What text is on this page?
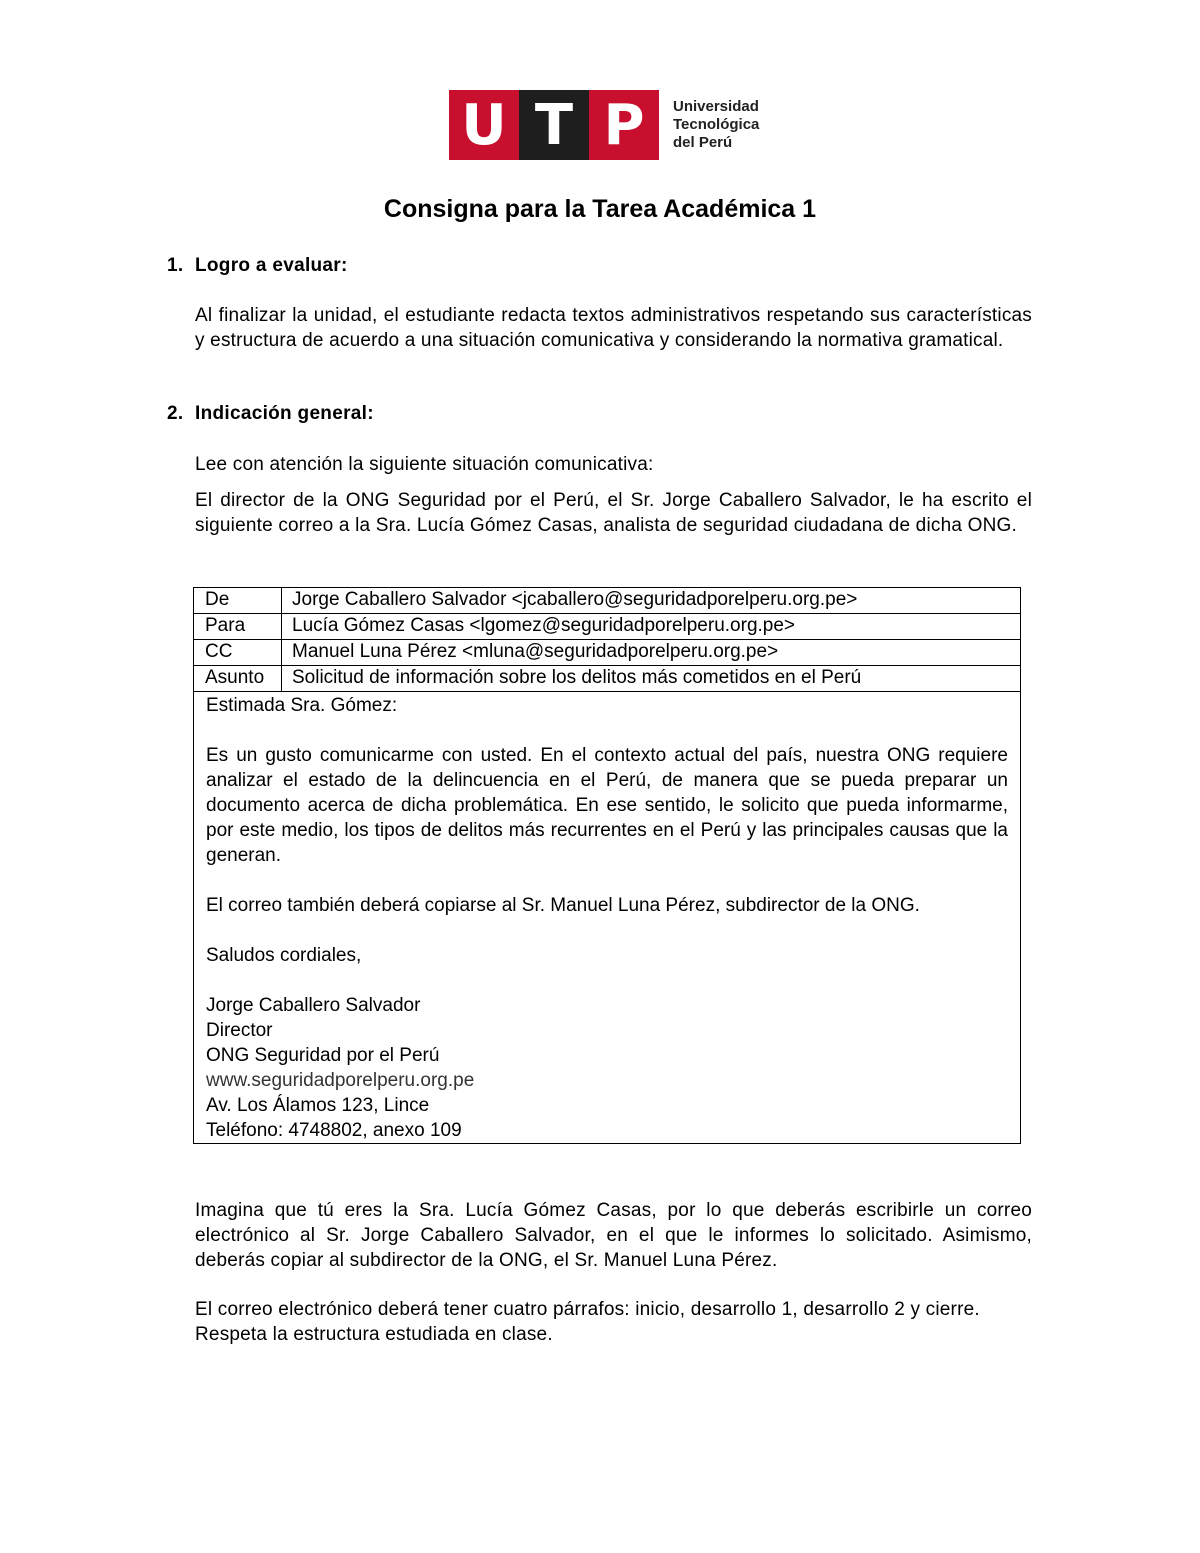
U T P	Universidad
Tecnológica
del Perú
Consigna para la Tarea Académica 1
1. Logro a evaluar:
Al finalizar la unidad, el estudiante redacta textos administrativos respetando sus características y estructura de acuerdo a una situación comunicativa y considerando la normativa gramatical.
2. Indicación general:
Lee con atención la siguiente situación comunicativa:
El director de la ONG Seguridad por el Perú, el Sr. Jorge Caballero Salvador, le ha escrito el siguiente correo a la Sra. Lucía Gómez Casas, analista de seguridad ciudadana de dicha ONG.
De	Jorge Caballero Salvador <jcaballero@seguridadporelperu.org.pe>
Para	Lucía Gómez Casas <lgomez@seguridadporelperu.org.pe>
CC	Manuel Luna Pérez <mluna@seguridadporelperu.org.pe>
Asunto	Solicitud de información sobre los delitos más cometidos en el Perú

Estimada Sra. Gómez:

Es un gusto comunicarme con usted. En el contexto actual del país, nuestra ONG requiere analizar el estado de la delincuencia en el Perú, de manera que se pueda preparar un documento acerca de dicha problemática. En ese sentido, le solicito que pueda informarme, por este medio, los tipos de delitos más recurrentes en el Perú y las principales causas que la generan.

El correo también deberá copiarse al Sr. Manuel Luna Pérez, subdirector de la ONG.

Saludos cordiales,

Jorge Caballero Salvador
Director
ONG Seguridad por el Perú
www.seguridadporelperu.org.pe
Av. Los Álamos 123, Lince
Teléfono: 4748802, anexo 109
Imagina que tú eres la Sra. Lucía Gómez Casas, por lo que deberás escribirle un correo electrónico al Sr. Jorge Caballero Salvador, en el que le informes lo solicitado. Asimismo, deberás copiar al subdirector de la ONG, el Sr. Manuel Luna Pérez.
El correo electrónico deberá tener cuatro párrafos: inicio, desarrollo 1, desarrollo 2 y cierre. Respeta la estructura estudiada en clase.
